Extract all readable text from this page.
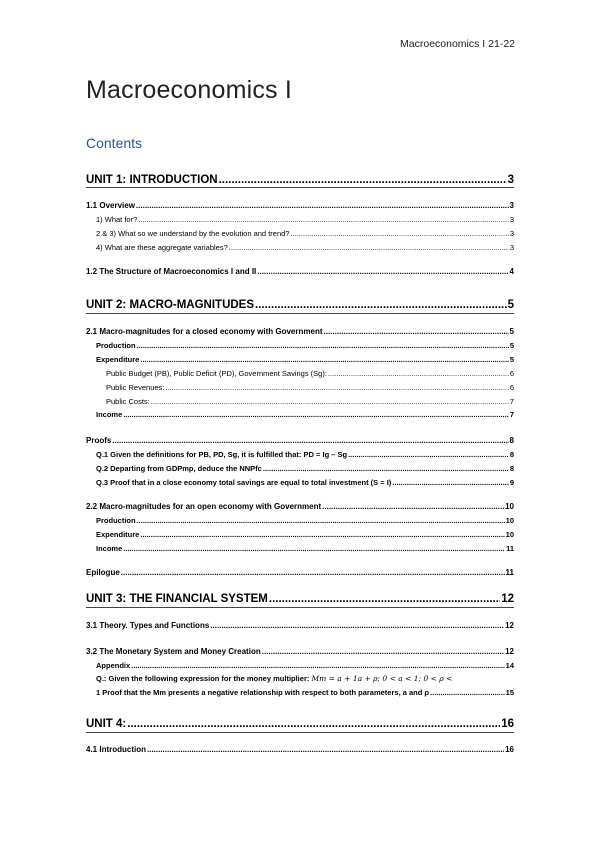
Macroeconomics I 21-22
Macroeconomics I
Contents
UNIT 1: INTRODUCTION .....	3
1.1 Overview .....	3
1) What for? .....	3
2 & 3) What so we understand by the evolution and trend? .....	3
4) What are these aggregate variables? .....	3
1.2 The Structure of Macroeconomics I and II .....	4
UNIT 2: MACRO-MAGNITUDES .....	5
2.1 Macro-magnitudes for a closed economy with Government .....	5
Production .....	5
Expenditure .....	5
Public Budget (PB), Public Deficit (PD), Government Savings (Sg): .....	6
Public Revenues: .....	6
Public Costs: .....	7
Income .....	7
Proofs .....	8
Q.1 Given the definitions for PB, PD, Sg, it is fulfilled that: PD = Ig – Sg .....	8
Q.2 Departing from GDPmp, deduce the NNPfc .....	8
Q.3 Proof that in a close economy total savings are equal to total investment (S = I) .....	9
2.2 Macro-magnitudes for an open economy with Government .....	10
Production .....	10
Expenditure .....	10
Income .....	11
Epilogue .....	11
UNIT 3: THE FINANCIAL SYSTEM .....	12
3.1 Theory. Types and Functions .....	12
3.2 The Monetary System and Money Creation .....	12
Appendix .....	14
Q.: Given the following expression for the money multiplier: Mm = a + 1a + ρ; 0 < a < 1; 0 < ρ <
1 Proof that the Mm presents a negative relationship with respect to both parameters, a and ρ .....	15
UNIT 4: .....	16
4.1 Introduction .....	16
